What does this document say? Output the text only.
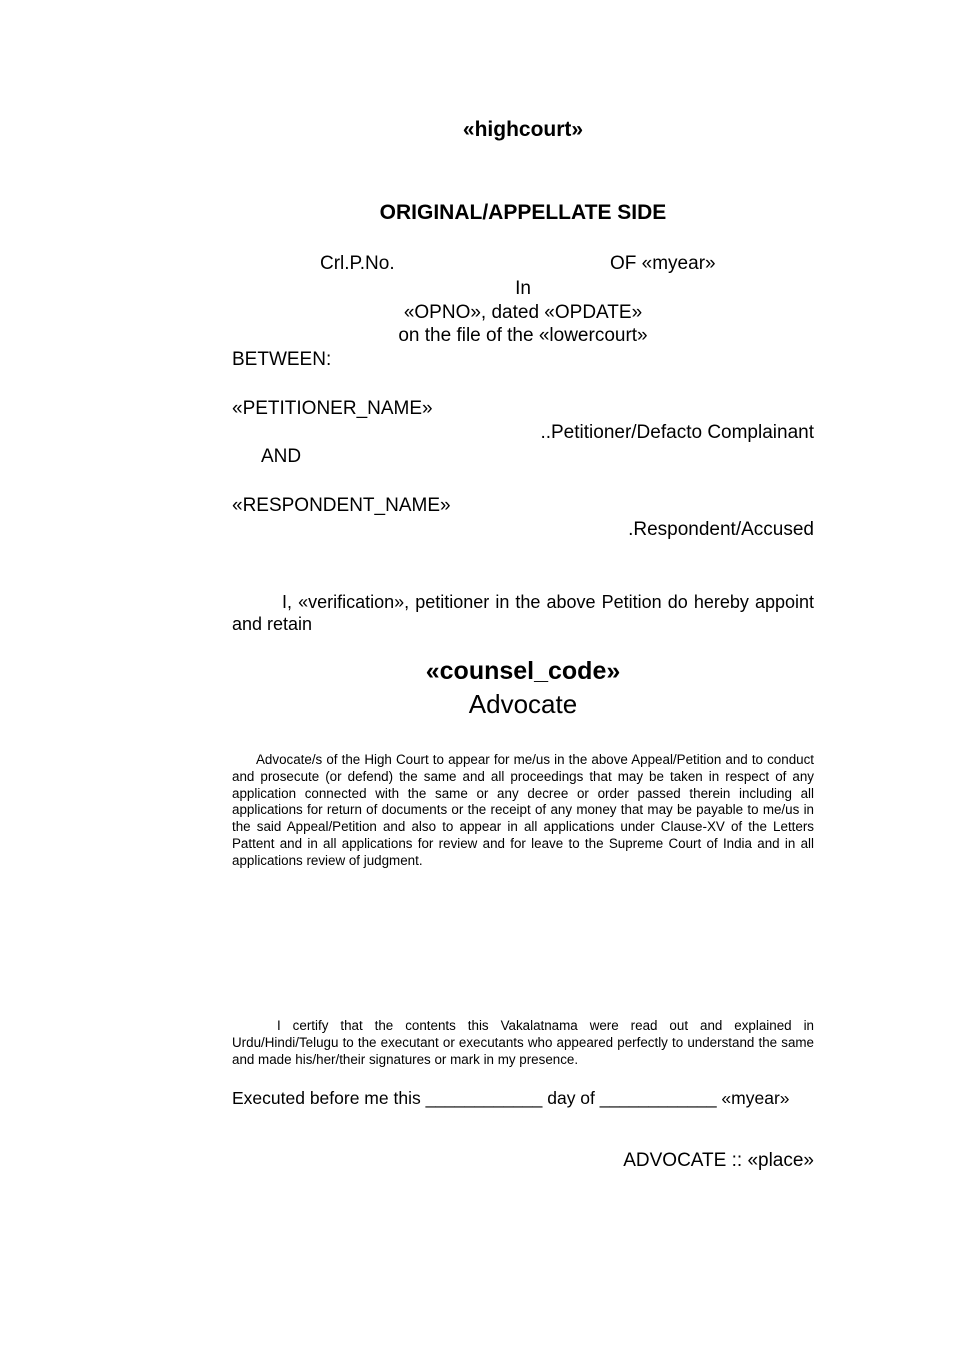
«highcourt»
ORIGINAL/APPELLATE SIDE
Crl.P.No.	OF «myear»
In
«OPNO», dated «OPDATE»
on the file of the «lowercourt»
BETWEEN:
«PETITIONER_NAME»
..Petitioner/Defacto Complainant
AND
«RESPONDENT_NAME»
.Respondent/Accused
I, «verification», petitioner in the above Petition do hereby appoint and retain
«counsel_code»
Advocate
Advocate/s of the High Court to appear for me/us in the above Appeal/Petition and to conduct and prosecute (or defend) the same and all proceedings that may be taken in respect of any application connected with the same or any decree or order passed therein including all applications for return of documents or the receipt of any money that may be payable to me/us in the said Appeal/Petition and also to appear in all applications under Clause-XV of the Letters Pattent and in all applications for review and for leave to the Supreme Court of India and in all applications review of judgment.
I certify that the contents this Vakalatnama were read out and explained in Urdu/Hindi/Telugu to the executant or executants who appeared perfectly to understand the same and made his/her/their signatures or mark in my presence.
Executed before me this ____________ day of ____________ «myear»
ADVOCATE :: «place»
